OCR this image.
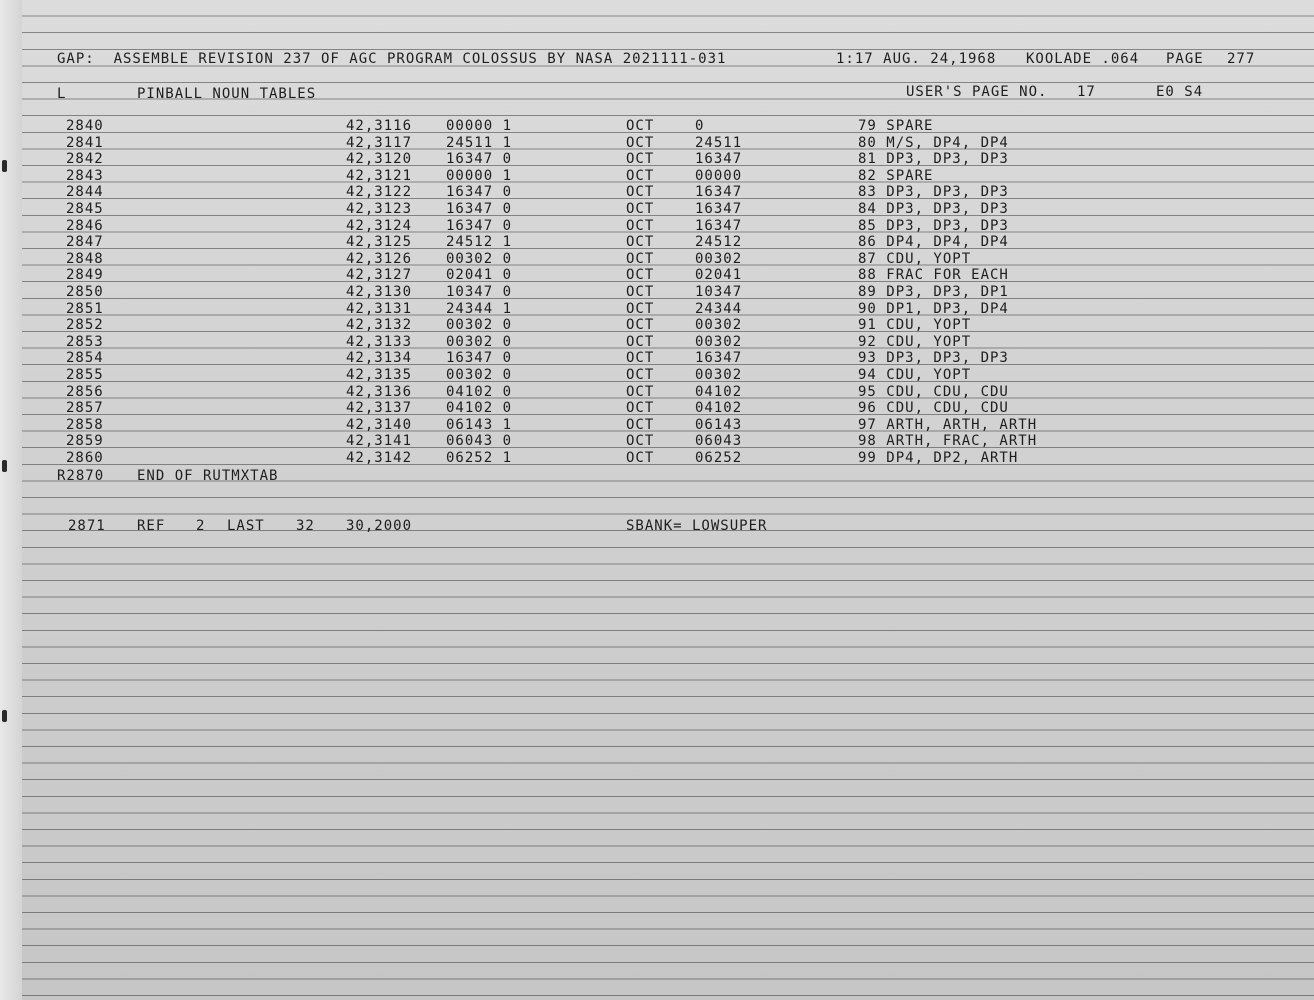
GAP:  ASSEMBLE REVISION 237 OF AGC PROGRAM COLOSSUS BY NASA 2021111-031	1:17 AUG. 24,1968 KOOLADE .064 PAGE 277
L	PINBALL NOUN TABLES	USER'S PAGE NO. 17	E0 S4
2840	42,3116 00000 1	OCT	0	79 SPARE
2841	42,3117 24511 1	OCT	24511	80 M/S, DP4, DP4
2842	42,3120 16347 0	OCT	16347	81 DP3, DP3, DP3
2843	42,3121 00000 1	OCT	00000	82 SPARE
2844	42,3122 16347 0	OCT	16347	83 DP3, DP3, DP3
2845	42,3123 16347 0	OCT	16347	84 DP3, DP3, DP3
2846	42,3124 16347 0	OCT	16347	85 DP3, DP3, DP3
2847	42,3125 24512 1	OCT	24512	86 DP4, DP4, DP4
2848	42,3126 00302 0	OCT	00302	87 CDU, YOPT
2849	42,3127 02041 0	OCT	02041	88 FRAC FOR EACH
2850	42,3130 10347 0	OCT	10347	89 DP3, DP3, DP1
2851	42,3131 24344 1	OCT	24344	90 DP1, DP3, DP4
2852	42,3132 00302 0	OCT	00302	91 CDU, YOPT
2853	42,3133 00302 0	OCT	00302	92 CDU, YOPT
2854	42,3134 16347 0	OCT	16347	93 DP3, DP3, DP3
2855	42,3135 00302 0	OCT	00302	94 CDU, YOPT
2856	42,3136 04102 0	OCT	04102	95 CDU, CDU, CDU
2857	42,3137 04102 0	OCT	04102	96 CDU, CDU, CDU
2858	42,3140 06143 1	OCT	06143	97 ARTH, ARTH, ARTH
2859	42,3141 06043 0	OCT	06043	98 ARTH, FRAC, ARTH
2860	42,3142 06252 1	OCT	06252	99 DP4, DP2, ARTH
R2870 END OF RUTMXTAB
2871 REF 2 LAST 32 30,2000	SBANK= LOWSUPER
